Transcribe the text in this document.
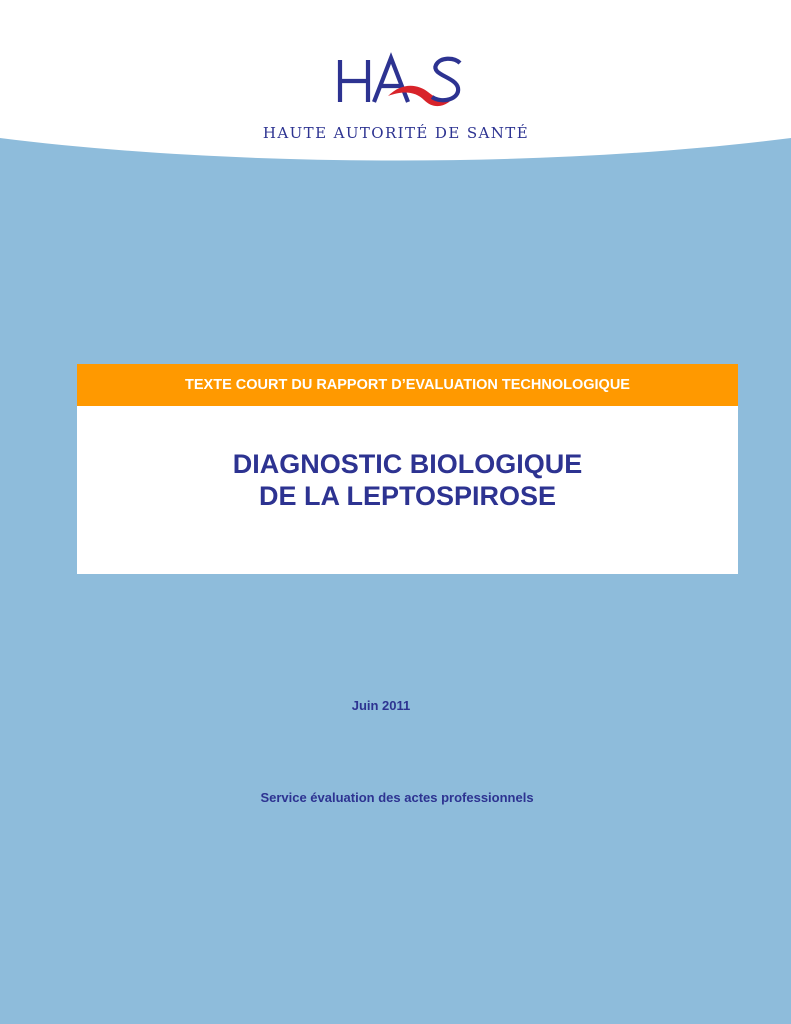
HAUTE AUTORITÉ DE SANTÉ
TEXTE COURT DU RAPPORT D’EVALUATION TECHNOLOGIQUE
DIAGNOSTIC BIOLOGIQUE
DE LA LEPTOSPIROSE
Juin 2011
Service évaluation des actes professionnels
